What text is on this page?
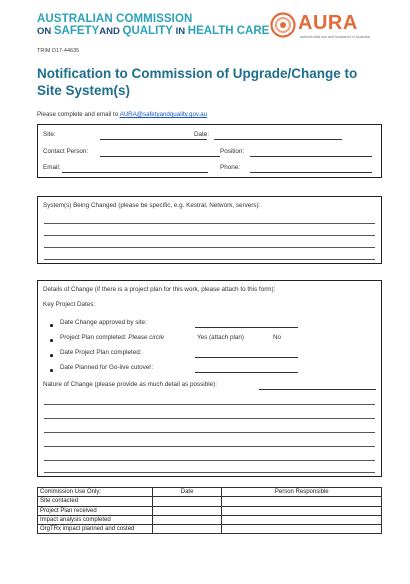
AUSTRALIAN COMMISSION
ON SAFETYAND QUALITY IN HEALTH CARE AURA
antimicrobial use and resistance in Australia
TRIM D17-44635
Notification to Commission of Upgrade/Change to Site System(s)
Please complete and email to AURA@safetyandquality.gov.au
Site:	Date:
Contact Person:	Position:
Email:	Phone:
System(s) Being Changed (please be specific, e.g. Kestral, Network, servers):
Details of Change (if there is a project plan for this work, please attach to this form):
Key Project Dates:
Date Change approved by site:
Project Plan completed: Please circle	Yes (attach plan)	No
Date Project Plan completed:
Date Planned for Go-live cutover:
Nature of Change (please provide as much detail as possible):
Commission Use Only:	Date	Person Responsible
Site contacted		
Project Plan received		
Impact analysis completed		
OrgTRx impact planned and costed		
